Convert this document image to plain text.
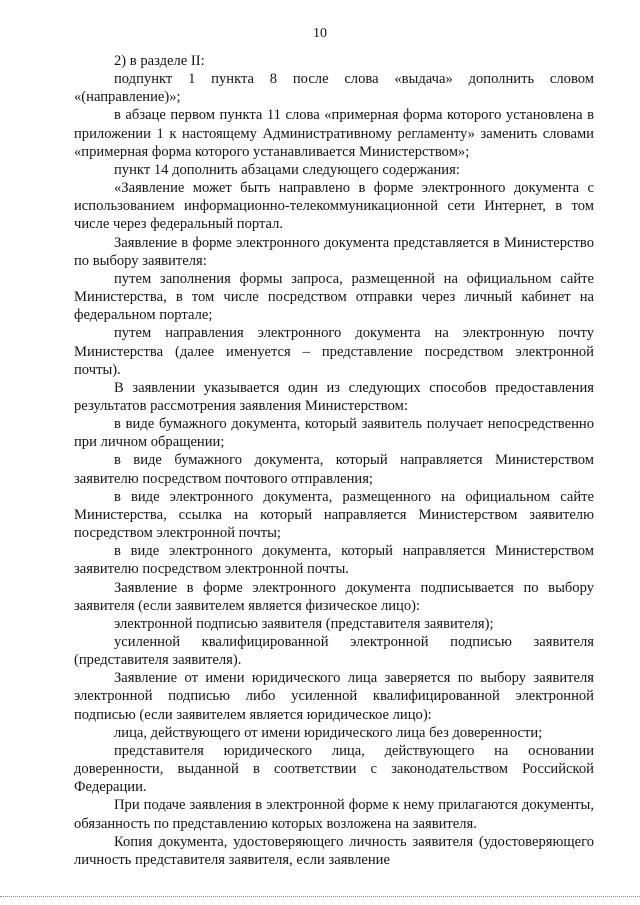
10

2) в разделе II:

подпункт 1 пункта 8 после слова «выдача» дополнить словом «(направление)»;

в абзаце первом пункта 11 слова «примерная форма которого установлена в приложении 1 к настоящему Административному регламенту» заменить словами «примерная форма которого устанавливается Министерством»;

пункт 14 дополнить абзацами следующего содержания:

«Заявление может быть направлено в форме электронного документа с использованием информационно-телекоммуникационной сети Интернет, в том числе через федеральный портал.

Заявление в форме электронного документа представляется в Министерство по выбору заявителя:

путем заполнения формы запроса, размещенной на официальном сайте Министерства, в том числе посредством отправки через личный кабинет на федеральном портале;

путем направления электронного документа на электронную почту Министерства (далее именуется – представление посредством электронной почты).

В заявлении указывается один из следующих способов предоставления результатов рассмотрения заявления Министерством:

в виде бумажного документа, который заявитель получает непосредственно при личном обращении;

в виде бумажного документа, который направляется Министерством заявителю посредством почтового отправления;

в виде электронного документа, размещенного на официальном сайте Министерства, ссылка на который направляется Министерством заявителю посредством электронной почты;

в виде электронного документа, который направляется Министерством заявителю посредством электронной почты.

Заявление в форме электронного документа подписывается по выбору заявителя (если заявителем является физическое лицо):

электронной подписью заявителя (представителя заявителя);

усиленной квалифицированной электронной подписью заявителя (представителя заявителя).

Заявление от имени юридического лица заверяется по выбору заявителя электронной подписью либо усиленной квалифицированной электронной подписью (если заявителем является юридическое лицо):

лица, действующего от имени юридического лица без доверенности;

представителя юридического лица, действующего на основании доверенности, выданной в соответствии с законодательством Российской Федерации.

При подаче заявления в электронной форме к нему прилагаются документы, обязанность по представлению которых возложена на заявителя.

Копия документа, удостоверяющего личность заявителя (удостоверяющего личность представителя заявителя, если заявление
